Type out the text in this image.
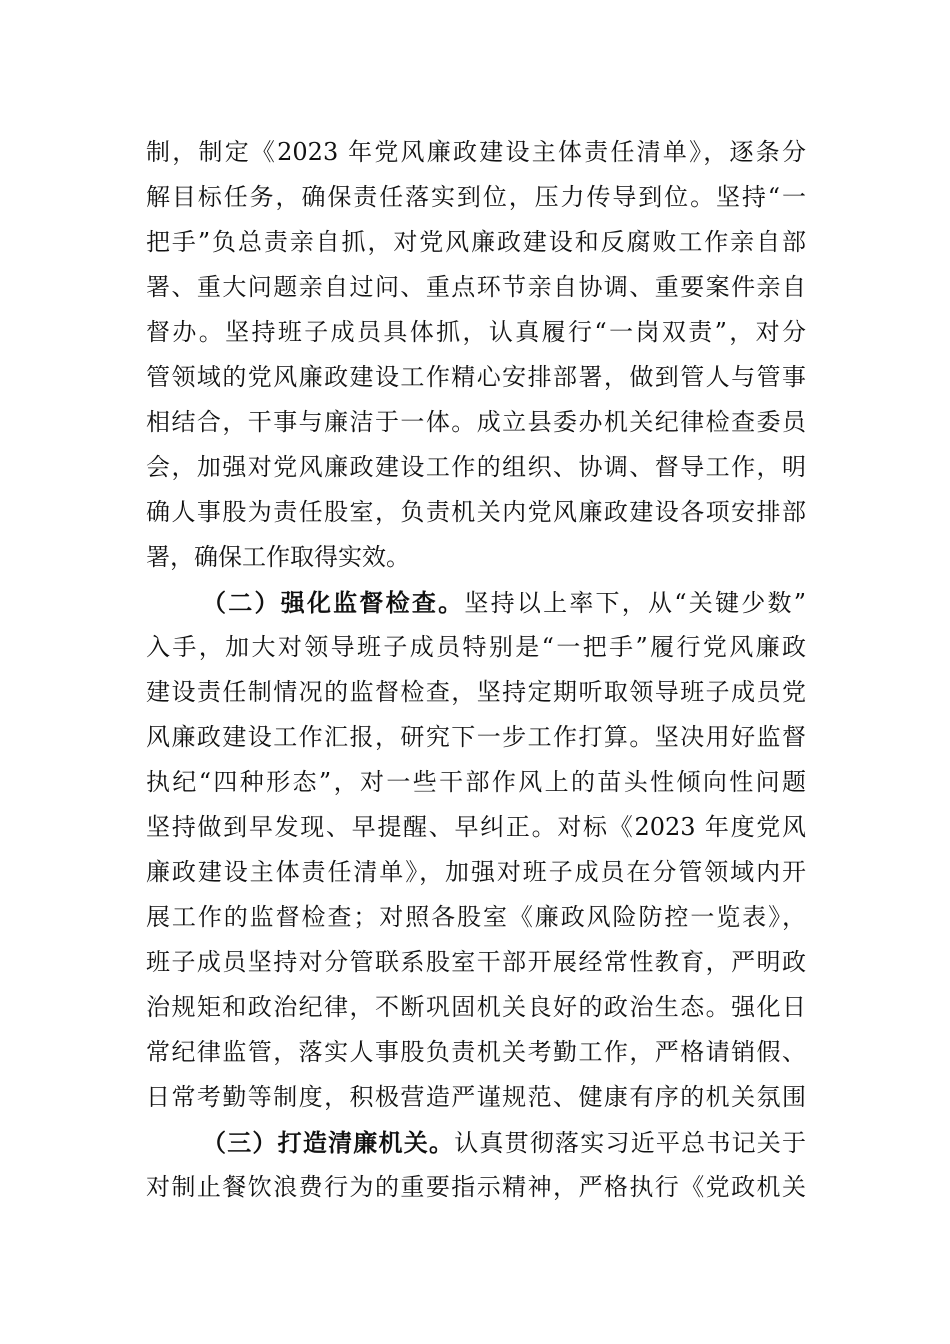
制，制定《2023 年党风廉政建设主体责任清单》，逐条分
解目标任务，确保责任落实到位，压力传导到位。坚持“一
把手”负总责亲自抓，对党风廉政建设和反腐败工作亲自部
署、重大问题亲自过问、重点环节亲自协调、重要案件亲自
督办。坚持班子成员具体抓，认真履行“一岗双责”，对分
管领域的党风廉政建设工作精心安排部署，做到管人与管事
相结合，干事与廉洁于一体。成立县委办机关纪律检查委员
会，加强对党风廉政建设工作的组织、协调、督导工作，明
确人事股为责任股室，负责机关内党风廉政建设各项安排部
署，确保工作取得实效。
（二）强化监督检查。坚持以上率下，从“关键少数”
入手，加大对领导班子成员特别是“一把手”履行党风廉政
建设责任制情况的监督检查，坚持定期听取领导班子成员党
风廉政建设工作汇报，研究下一步工作打算。坚决用好监督
执纪“四种形态”，对一些干部作风上的苗头性倾向性问题
坚持做到早发现、早提醒、早纠正。对标《2023 年度党风
廉政建设主体责任清单》，加强对班子成员在分管领域内开
展工作的监督检查；对照各股室《廉政风险防控一览表》，
班子成员坚持对分管联系股室干部开展经常性教育，严明政
治规矩和政治纪律，不断巩固机关良好的政治生态。强化日
常纪律监管，落实人事股负责机关考勤工作，严格请销假、
日常考勤等制度，积极营造严谨规范、健康有序的机关氛围
（三）打造清廉机关。认真贯彻落实习近平总书记关于
对制止餐饮浪费行为的重要指示精神，严格执行《党政机关
